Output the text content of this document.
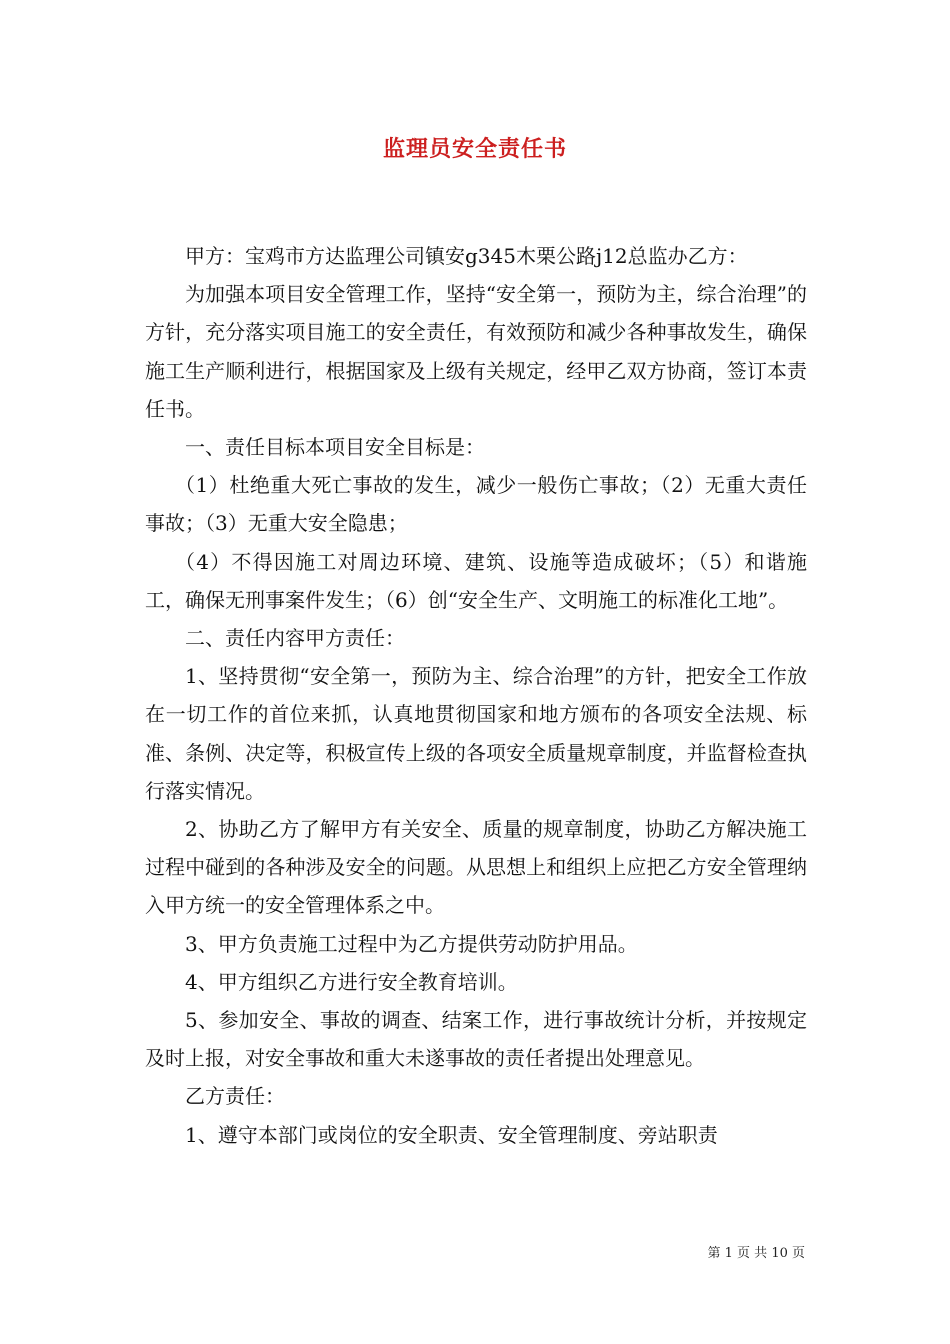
监理员安全责任书

甲方：宝鸡市方达监理公司镇安g345木栗公路j12总监办乙方：

为加强本项目安全管理工作，坚持“安全第一，预防为主，综合治理”的方针，充分落实项目施工的安全责任，有效预防和减少各种事故发生，确保施工生产顺利进行，根据国家及上级有关规定，经甲乙双方协商，签订本责任书。

一、责任目标本项目安全目标是：

（1）杜绝重大死亡事故的发生，减少一般伤亡事故；（2）无重大责任事故；（3）无重大安全隐患；

（4）不得因施工对周边环境、建筑、设施等造成破坏；（5）和谐施工，确保无刑事案件发生；（6）创“安全生产、文明施工的标准化工地”。

二、责任内容甲方责任：

1、坚持贯彻“安全第一，预防为主、综合治理”的方针，把安全工作放在一切工作的首位来抓，认真地贯彻国家和地方颁布的各项安全法规、标准、条例、决定等，积极宣传上级的各项安全质量规章制度，并监督检查执行落实情况。

2、协助乙方了解甲方有关安全、质量的规章制度，协助乙方解决施工过程中碰到的各种涉及安全的问题。从思想上和组织上应把乙方安全管理纳入甲方统一的安全管理体系之中。

3、甲方负责施工过程中为乙方提供劳动防护用品。

4、甲方组织乙方进行安全教育培训。

5、参加安全、事故的调查、结案工作，进行事故统计分析，并按规定及时上报，对安全事故和重大未遂事故的责任者提出处理意见。

乙方责任：

1、遵守本部门或岗位的安全职责、安全管理制度、旁站职责

第 1 页 共 10 页
